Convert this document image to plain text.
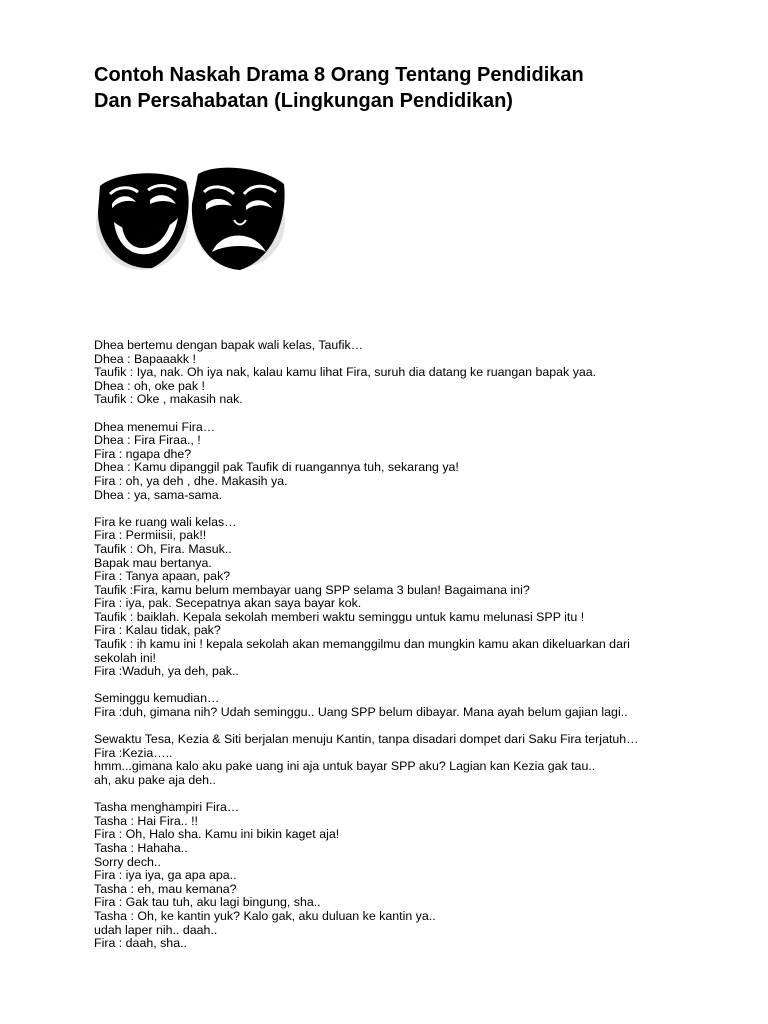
Contoh Naskah Drama 8 Orang Tentang Pendidikan
Dan Persahabatan (Lingkungan Pendidikan)
Dhea bertemu dengan bapak wali kelas, Taufik…
Dhea : Bapaaakk !
Taufik : Iya, nak. Oh iya nak, kalau kamu lihat Fira, suruh dia datang ke ruangan bapak yaa.
Dhea : oh, oke pak !
Taufik : Oke , makasih nak.
Dhea menemui Fira…
Dhea : Fira Firaa., !
Fira : ngapa dhe?
Dhea : Kamu dipanggil pak Taufik di ruangannya tuh, sekarang ya!
Fira : oh, ya deh , dhe. Makasih ya.
Dhea : ya, sama-sama.
Fira ke ruang wali kelas…
Fira : Permiisii, pak!!
Taufik : Oh, Fira. Masuk..
Bapak mau bertanya.
Fira : Tanya apaan, pak?
Taufik :Fira, kamu belum membayar uang SPP selama 3 bulan! Bagaimana ini?
Fira : iya, pak. Secepatnya akan saya bayar kok.
Taufik : baiklah. Kepala sekolah memberi waktu seminggu untuk kamu melunasi SPP itu !
Fira : Kalau tidak, pak?
Taufik : ih kamu ini ! kepala sekolah akan memanggilmu dan mungkin kamu akan dikeluarkan dari sekolah ini!
Fira :Waduh, ya deh, pak..
Seminggu kemudian…
Fira :duh, gimana nih? Udah seminggu.. Uang SPP belum dibayar. Mana ayah belum gajian lagi..
Sewaktu Tesa, Kezia & Siti berjalan menuju Kantin, tanpa disadari dompet dari Saku Fira terjatuh…
Fira :Kezia…..
hmm...gimana kalo aku pake uang ini aja untuk bayar SPP aku? Lagian kan Kezia gak tau..
ah, aku pake aja deh..
Tasha menghampiri Fira…
Tasha : Hai Fira.. !!
Fira : Oh, Halo sha. Kamu ini bikin kaget aja!
Tasha : Hahaha..
Sorry dech..
Fira : iya iya, ga apa apa..
Tasha : eh, mau kemana?
Fira : Gak tau tuh, aku lagi bingung, sha..
Tasha : Oh, ke kantin yuk? Kalo gak, aku duluan ke kantin ya..
udah laper nih.. daah..
Fira : daah, sha..
